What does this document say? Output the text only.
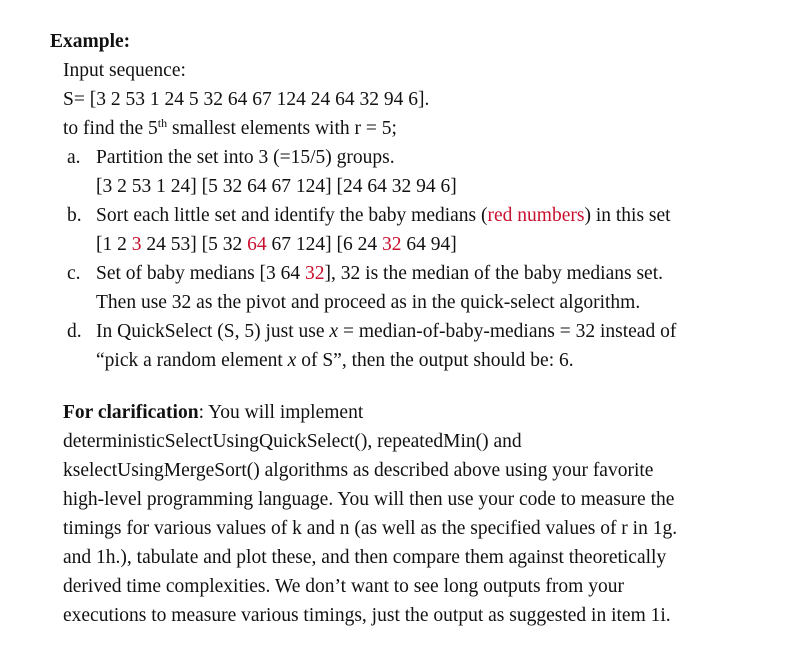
Example:
Input sequence:
S= [3 2 53 1 24 5 32 64 67 124 24 64 32 94 6].
to find the 5th smallest elements with r = 5;
a. Partition the set into 3 (=15/5) groups.
[3 2 53 1 24] [5 32 64 67 124] [24 64 32 94 6]
b. Sort each little set and identify the baby medians (red numbers) in this set
[1 2 3 24 53] [5 32 64 67 124] [6 24 32 64 94]
c. Set of baby medians [3 64 32], 32 is the median of the baby medians set.
Then use 32 as the pivot and proceed as in the quick-select algorithm.
d. In QuickSelect (S, 5) just use x = median-of-baby-medians = 32 instead of
“pick a random element x of S”, then the output should be: 6.
For clarification: You will implement
deterministicSelectUsingQuickSelect(), repeatedMin() and
kselectUsingMergeSort() algorithms as described above using your favorite
high-level programming language. You will then use your code to measure the
timings for various values of k and n (as well as the specified values of r in 1g.
and 1h.), tabulate and plot these, and then compare them against theoretically
derived time complexities. We don’t want to see long outputs from your
executions to measure various timings, just the output as suggested in item 1i.
